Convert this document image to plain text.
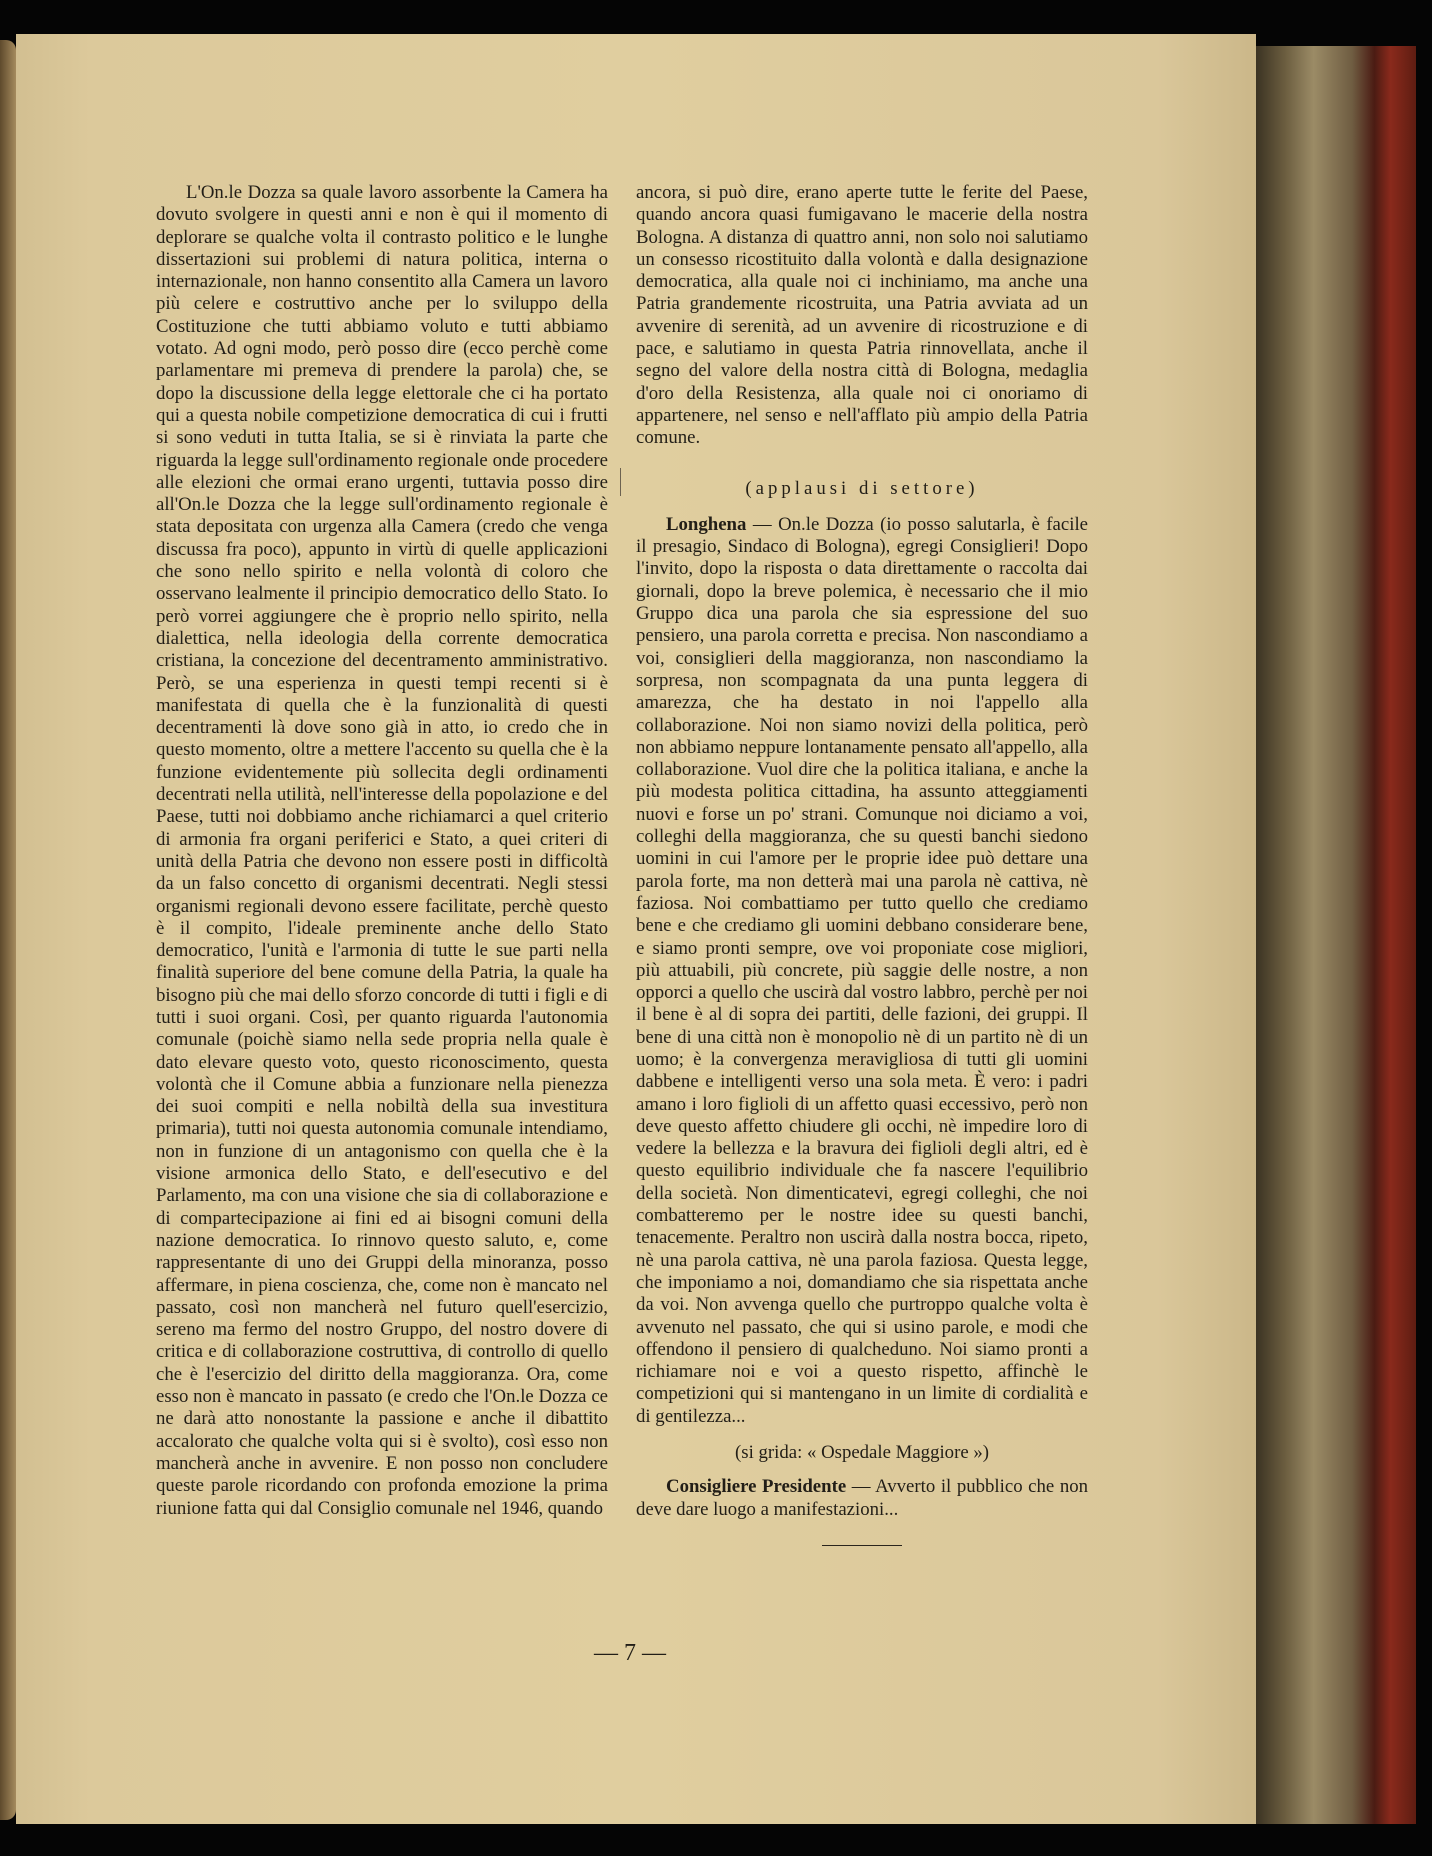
L'On.le Dozza sa quale lavoro assorbente la Camera ha dovuto svolgere in questi anni e non è qui il momento di deplorare se qualche volta il contrasto politico e le lunghe dissertazioni sui problemi di natura politica, interna o internazionale, non hanno consentito alla Camera un lavoro più celere e costruttivo anche per lo sviluppo della Costituzione che tutti abbiamo voluto e tutti abbiamo votato. Ad ogni modo, però posso dire (ecco perchè come parlamentare mi premeva di prendere la parola) che, se dopo la discussione della legge elettorale che ci ha portato qui a questa nobile competizione democratica di cui i frutti si sono veduti in tutta Italia, se si è rinviata la parte che riguarda la legge sull'ordinamento regionale onde procedere alle elezioni che ormai erano urgenti, tuttavia posso dire all'On.le Dozza che la legge sull'ordinamento regionale è stata depositata con urgenza alla Camera (credo che venga discussa fra poco), appunto in virtù di quelle applicazioni che sono nello spirito e nella volontà di coloro che osservano lealmente il principio democratico dello Stato. Io però vorrei aggiungere che è proprio nello spirito, nella dialettica, nella ideologia della corrente democratica cristiana, la concezione del decentramento amministrativo. Però, se una esperienza in questi tempi recenti si è manifestata di quella che è la funzionalità di questi decentramenti là dove sono già in atto, io credo che in questo momento, oltre a mettere l'accento su quella che è la funzione evidentemente più sollecita degli ordinamenti decentrati nella utilità, nell'interesse della popolazione e del Paese, tutti noi dobbiamo anche richiamarci a quel criterio di armonia fra organi periferici e Stato, a quei criteri di unità della Patria che devono non essere posti in difficoltà da un falso concetto di organismi decentrati. Negli stessi organismi regionali devono essere facilitate, perchè questo è il compito, l'ideale preminente anche dello Stato democratico, l'unità e l'armonia di tutte le sue parti nella finalità superiore del bene comune della Patria, la quale ha bisogno più che mai dello sforzo concorde di tutti i figli e di tutti i suoi organi. Così, per quanto riguarda l'autonomia comunale (poichè siamo nella sede propria nella quale è dato elevare questo voto, questo riconoscimento, questa volontà che il Comune abbia a funzionare nella pienezza dei suoi compiti e nella nobiltà della sua investitura primaria), tutti noi questa autonomia comunale intendiamo, non in funzione di un antagonismo con quella che è la visione armonica dello Stato, e dell'esecutivo e del Parlamento, ma con una visione che sia di collaborazione e di compartecipazione ai fini ed ai bisogni comuni della nazione democratica. Io rinnovo questo saluto, e, come rappresentante di uno dei Gruppi della minoranza, posso affermare, in piena coscienza, che, come non è mancato nel passato, così non mancherà nel futuro quell'esercizio, sereno ma fermo del nostro Gruppo, del nostro dovere di critica e di collaborazione costruttiva, di controllo di quello che è l'esercizio del diritto della maggioranza. Ora, come esso non è mancato in passato (e credo che l'On.le Dozza ce ne darà atto nonostante la passione e anche il dibattito accalorato che qualche volta qui si è svolto), così esso non mancherà anche in avvenire. E non posso non concludere queste parole ricordando con profonda emozione la prima riunione fatta qui dal Consiglio comunale nel 1946, quando

ancora, si può dire, erano aperte tutte le ferite del Paese, quando ancora quasi fumigavano le macerie della nostra Bologna. A distanza di quattro anni, non solo noi salutiamo un consesso ricostituito dalla volontà e dalla designazione democratica, alla quale noi ci inchiniamo, ma anche una Patria grandemente ricostruita, una Patria avviata ad un avvenire di serenità, ad un avvenire di ricostruzione e di pace, e salutiamo in questa Patria rinnovellata, anche il segno del valore della nostra città di Bologna, medaglia d'oro della Resistenza, alla quale noi ci onoriamo di appartenere, nel senso e nell'afflato più ampio della Patria comune.

(applausi di settore)

Longhena — On.le Dozza (io posso salutarla, è facile il presagio, Sindaco di Bologna), egregi Consiglieri! Dopo l'invito, dopo la risposta o data direttamente o raccolta dai giornali, dopo la breve polemica, è necessario che il mio Gruppo dica una parola che sia espressione del suo pensiero, una parola corretta e precisa. Non nascondiamo a voi, consiglieri della maggioranza, non nascondiamo la sorpresa, non scompagnata da una punta leggera di amarezza, che ha destato in noi l'appello alla collaborazione. Noi non siamo novizi della politica, però non abbiamo neppure lontanamente pensato all'appello, alla collaborazione. Vuol dire che la politica italiana, e anche la più modesta politica cittadina, ha assunto atteggiamenti nuovi e forse un po' strani. Comunque noi diciamo a voi, colleghi della maggioranza, che su questi banchi siedono uomini in cui l'amore per le proprie idee può dettare una parola forte, ma non detterà mai una parola nè cattiva, nè faziosa. Noi combattiamo per tutto quello che crediamo bene e che crediamo gli uomini debbano considerare bene, e siamo pronti sempre, ove voi proponiate cose migliori, più attuabili, più concrete, più saggie delle nostre, a non opporci a quello che uscirà dal vostro labbro, perchè per noi il bene è al di sopra dei partiti, delle fazioni, dei gruppi. Il bene di una città non è monopolio nè di un partito nè di un uomo; è la convergenza meravigliosa di tutti gli uomini dabbene e intelligenti verso una sola meta. È vero: i padri amano i loro figlioli di un affetto quasi eccessivo, però non deve questo affetto chiudere gli occhi, nè impedire loro di vedere la bellezza e la bravura dei figlioli degli altri, ed è questo equilibrio individuale che fa nascere l'equilibrio della società. Non dimenticatevi, egregi colleghi, che noi combatteremo per le nostre idee su questi banchi, tenacemente. Peraltro non uscirà dalla nostra bocca, ripeto, nè una parola cattiva, nè una parola faziosa. Questa legge, che imponiamo a noi, domandiamo che sia rispettata anche da voi. Non avvenga quello che purtroppo qualche volta è avvenuto nel passato, che qui si usino parole, e modi che offendono il pensiero di qualcheduno. Noi siamo pronti a richiamare noi e voi a questo rispetto, affinchè le competizioni qui si mantengano in un limite di cordialità e di gentilezza...

(si grida: « Ospedale Maggiore »)

Consigliere Presidente — Avverto il pubblico che non deve dare luogo a manifestazioni...

— 7 —
